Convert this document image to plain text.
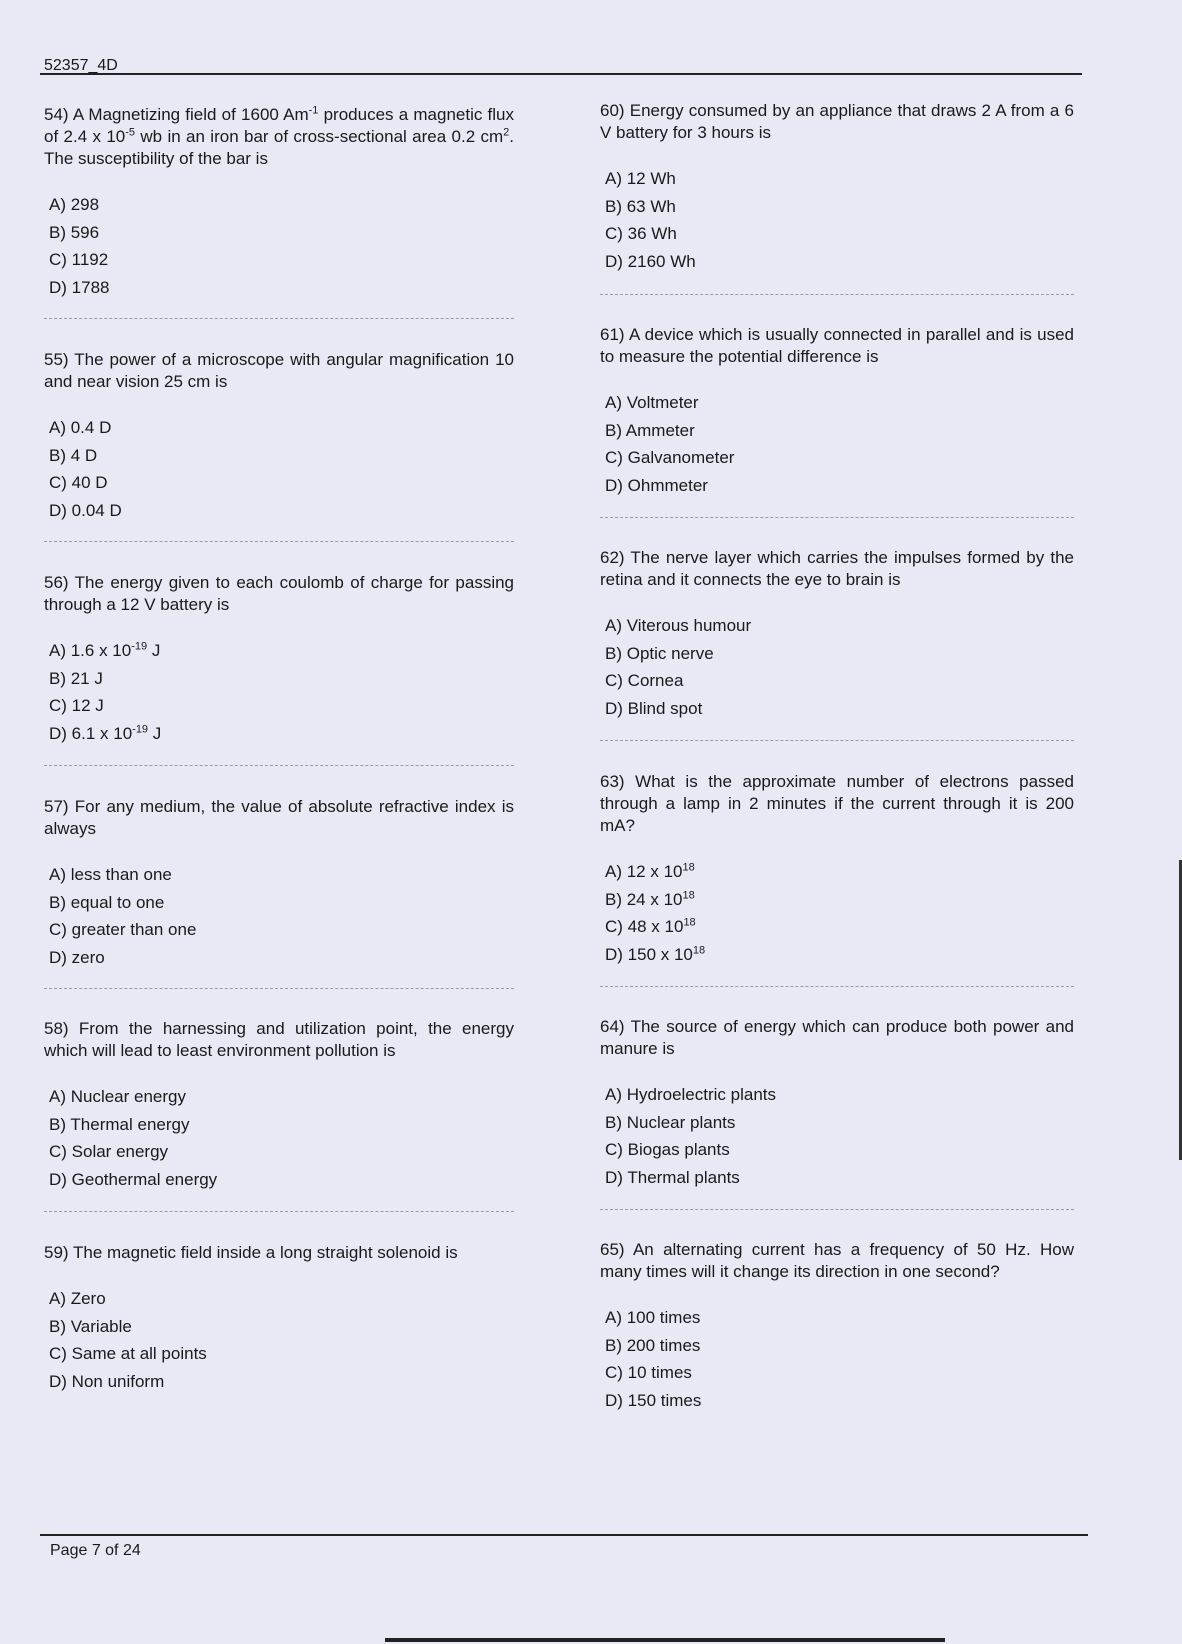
52357_4D

54) A Magnetizing field of 1600 $Am^{-1}$ produces a magnetic flux of 2.4 x $10^{-5}$ wb in an iron bar of cross-sectional area 0.2 $cm^2$. The susceptibility of the bar is

A) 298
B) 596
C) 1192
D) 1788

55) The power of a microscope with angular magnification 10 and near vision 25 cm is

A) 0.4 D
B) 4 D
C) 40 D
D) 0.04 D

56) The energy given to each coulomb of charge for passing through a 12 V battery is

A) 1.6 x $10^{-19}$ J
B) 21 J
C) 12 J
D) 6.1 x $10^{-19}$ J

57) For any medium, the value of absolute refractive index is always

A) less than one
B) equal to one
C) greater than one
D) zero

58) From the harnessing and utilization point, the energy which will lead to least environment pollution is

A) Nuclear energy
B) Thermal energy
C) Solar energy
D) Geothermal energy

59) The magnetic field inside a long straight solenoid is

A) Zero
B) Variable
C) Same at all points
D) Non uniform

60) Energy consumed by an appliance that draws 2 A from a 6 V battery for 3 hours is

A) 12 Wh
B) 63 Wh
C) 36 Wh
D) 2160 Wh

61) A device which is usually connected in parallel and is used to measure the potential difference is

A) Voltmeter
B) Ammeter
C) Galvanometer
D) Ohmmeter

62) The nerve layer which carries the impulses formed by the retina and it connects the eye to brain is

A) Viterous humour
B) Optic nerve
C) Cornea
D) Blind spot

63) What is the approximate number of electrons passed through a lamp in 2 minutes if the current through it is 200 mA?

A) 12 x $10^{18}$
B) 24 x $10^{18}$
C) 48 x $10^{18}$
D) 150 x $10^{18}$

64) The source of energy which can produce both power and manure is

A) Hydroelectric plants
B) Nuclear plants
C) Biogas plants
D) Thermal plants

65) An alternating current has a frequency of 50 Hz. How many times will it change its direction in one second?

A) 100 times
B) 200 times
C) 10 times
D) 150 times
Page 7 of 24
